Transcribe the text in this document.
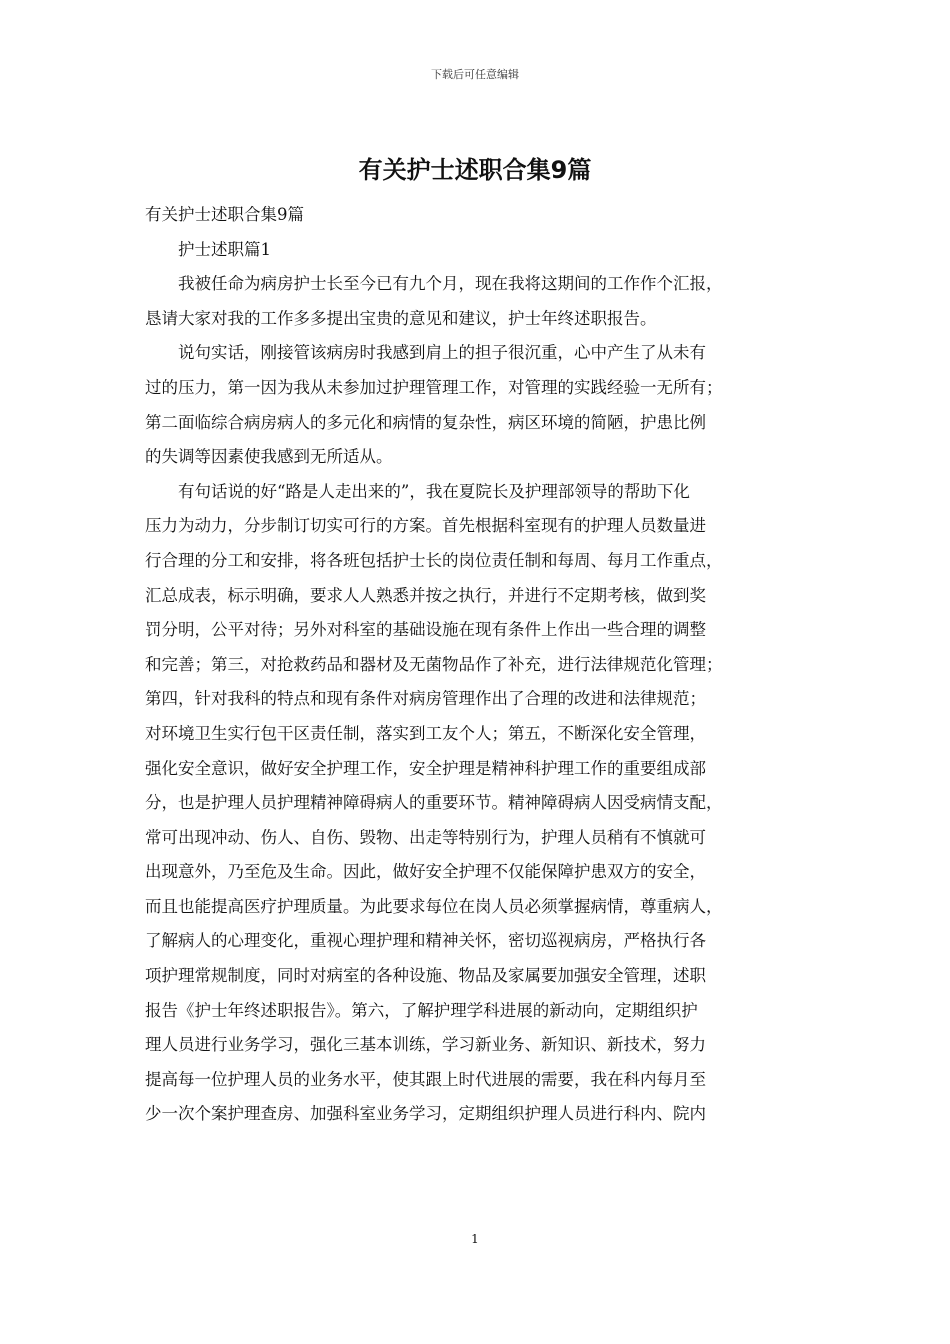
下载后可任意编辑
有关护士述职合集9篇
有关护士述职合集9篇
　　护士述职篇1
　　我被任命为病房护士长至今已有九个月，现在我将这期间的工作作个汇报，
恳请大家对我的工作多多提出宝贵的意见和建议，护士年终述职报告。
　　说句实话，刚接管该病房时我感到肩上的担子很沉重，心中产生了从未有
过的压力，第一因为我从未参加过护理管理工作，对管理的实践经验一无所有；
第二面临综合病房病人的多元化和病情的复杂性，病区环境的简陋，护患比例
的失调等因素使我感到无所适从。
　　有句话说的好“路是人走出来的”，我在夏院长及护理部领导的帮助下化
压力为动力，分步制订切实可行的方案。首先根据科室现有的护理人员数量进
行合理的分工和安排，将各班包括护士长的岗位责任制和每周、每月工作重点，
汇总成表，标示明确，要求人人熟悉并按之执行，并进行不定期考核，做到奖
罚分明，公平对待；另外对科室的基础设施在现有条件上作出一些合理的调整
和完善；第三，对抢救药品和器材及无菌物品作了补充，进行法律规范化管理；
第四，针对我科的特点和现有条件对病房管理作出了合理的改进和法律规范；
对环境卫生实行包干区责任制，落实到工友个人；第五，不断深化安全管理，
强化安全意识，做好安全护理工作，安全护理是精神科护理工作的重要组成部
分，也是护理人员护理精神障碍病人的重要环节。精神障碍病人因受病情支配，
常可出现冲动、伤人、自伤、毁物、出走等特别行为，护理人员稍有不慎就可
出现意外，乃至危及生命。因此，做好安全护理不仅能保障护患双方的安全，
而且也能提高医疗护理质量。为此要求每位在岗人员必须掌握病情，尊重病人，
了解病人的心理变化，重视心理护理和精神关怀，密切巡视病房，严格执行各
项护理常规制度，同时对病室的各种设施、物品及家属要加强安全管理，述职
报告《护士年终述职报告》。第六，了解护理学科进展的新动向，定期组织护
理人员进行业务学习，强化三基本训练，学习新业务、新知识、新技术，努力
提高每一位护理人员的业务水平，使其跟上时代进展的需要，我在科内每月至
少一次个案护理查房、加强科室业务学习，定期组织护理人员进行科内、院内
1
